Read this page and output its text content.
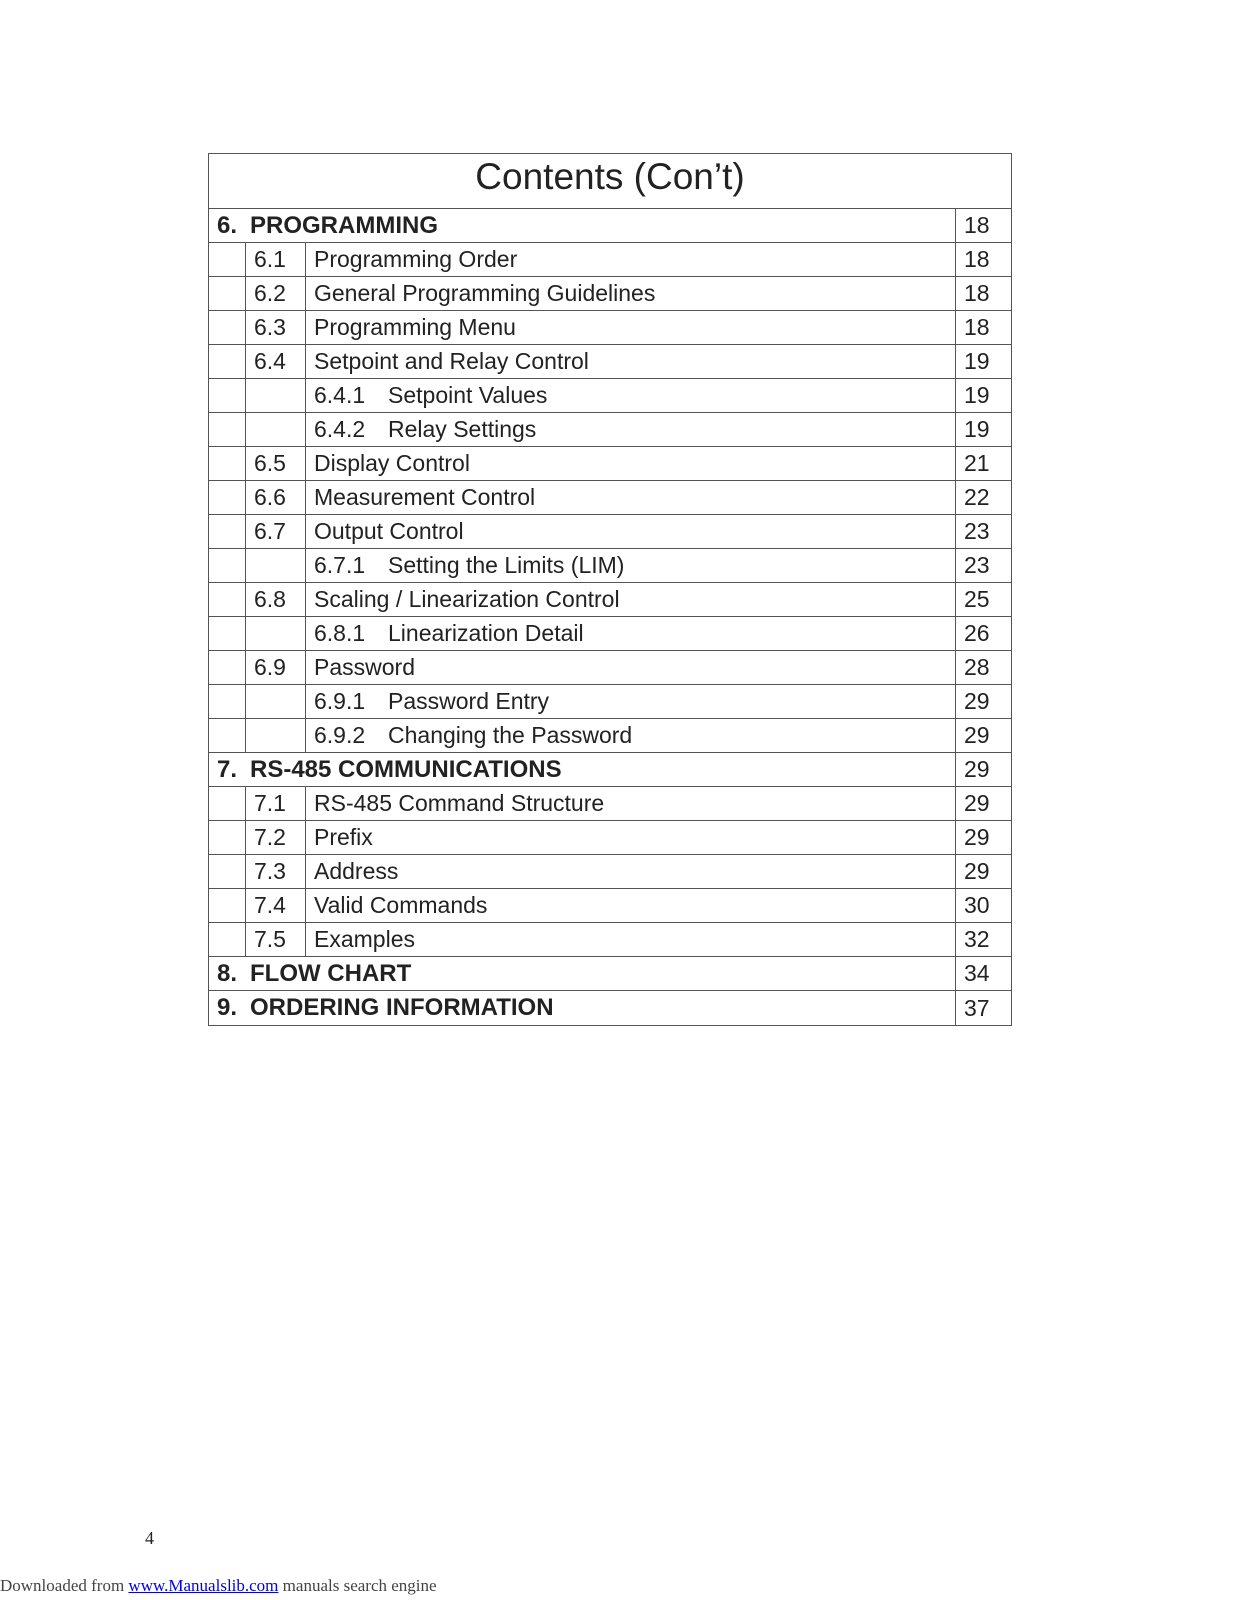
Contents (Con’t)
6. PROGRAMMING	18
6.1 Programming Order	18
6.2 General Programming Guidelines	18
6.3 Programming Menu	18
6.4 Setpoint and Relay Control	19
6.4.1 Setpoint Values	19
6.4.2 Relay Settings	19
6.5 Display Control	21
6.6 Measurement Control	22
6.7 Output Control	23
6.7.1 Setting the Limits (LIM)	23
6.8 Scaling / Linearization Control	25
6.8.1 Linearization Detail	26
6.9 Password	28
6.9.1 Password Entry	29
6.9.2 Changing the Password	29
7. RS-485 COMMUNICATIONS	29
7.1 RS-485 Command Structure	29
7.2 Prefix	29
7.3 Address	29
7.4 Valid Commands	30
7.5 Examples	32
8. FLOW CHART	34
9. ORDERING INFORMATION	37
4
Downloaded from www.Manualslib.com manuals search engine
